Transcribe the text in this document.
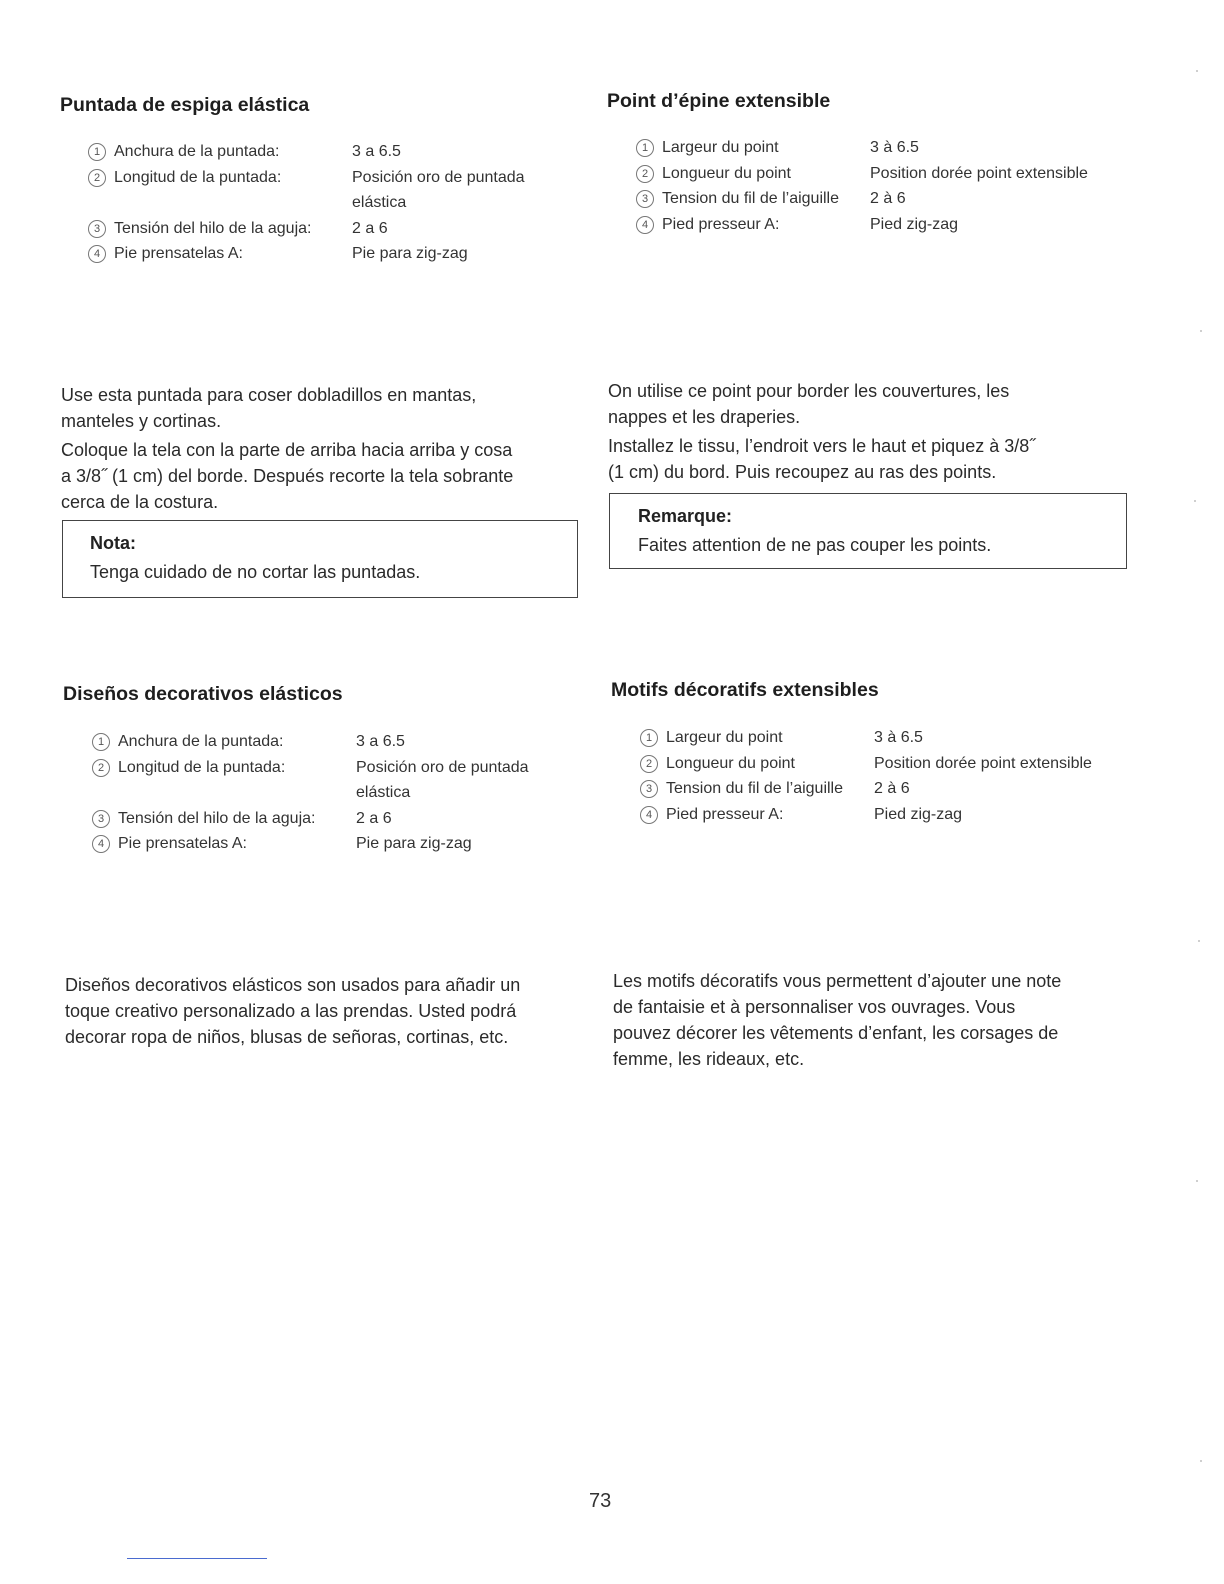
Puntada de espiga elástica
1 Anchura de la puntada:	3 a 6.5
2 Longitud de la puntada:	Posición oro de puntada
elástica
3 Tensión del hilo de la aguja:	2 a 6
4 Pie prensatelas A:	Pie para zig-zag

Use esta puntada para coser dobladillos en mantas,
manteles y cortinas.

Coloque la tela con la parte de arriba hacia arriba y cosa
a 3/8˝ (1 cm) del borde. Después recorte la tela sobrante
cerca de la costura.

Nota:
Tenga cuidado de no cortar las puntadas.
Point d’épine extensible
1 Largeur du point	3 à 6.5
2 Longueur du point	Position dorée point extensible
3 Tension du fil de l’aiguille 2 à 6
4 Pied presseur A:	Pied zig-zag

On utilise ce point pour border les couvertures, les
nappes et les draperies.

Installez le tissu, l’endroit vers le haut et piquez à 3/8˝
(1 cm) du bord. Puis recoupez au ras des points.

Remarque:
Faites attention de ne pas couper les points.
Diseños decorativos elásticos
1 Anchura de la puntada:	3 a 6.5
2 Longitud de la puntada:	Posición oro de puntada
elástica
3 Tensión del hilo de la aguja:	2 a 6
4 Pie prensatelas A:	Pie para zig-zag
Diseños decorativos elásticos son usados para añadir un
toque creativo personalizado a las prendas. Usted podrá
decorar ropa de niños, blusas de señoras, cortinas, etc.
Motifs décoratifs extensibles
1 Largeur du point	3 à 6.5
2 Longueur du point	Position dorée point extensible
3 Tension du fil de l’aiguille 2 à 6
4 Pied presseur A:	Pied zig-zag
Les motifs décoratifs vous permettent d’ajouter une note
de fantaisie et à personnaliser vos ouvrages. Vous
pouvez décorer les vêtements d’enfant, les corsages de
femme, les rideaux, etc.
73
